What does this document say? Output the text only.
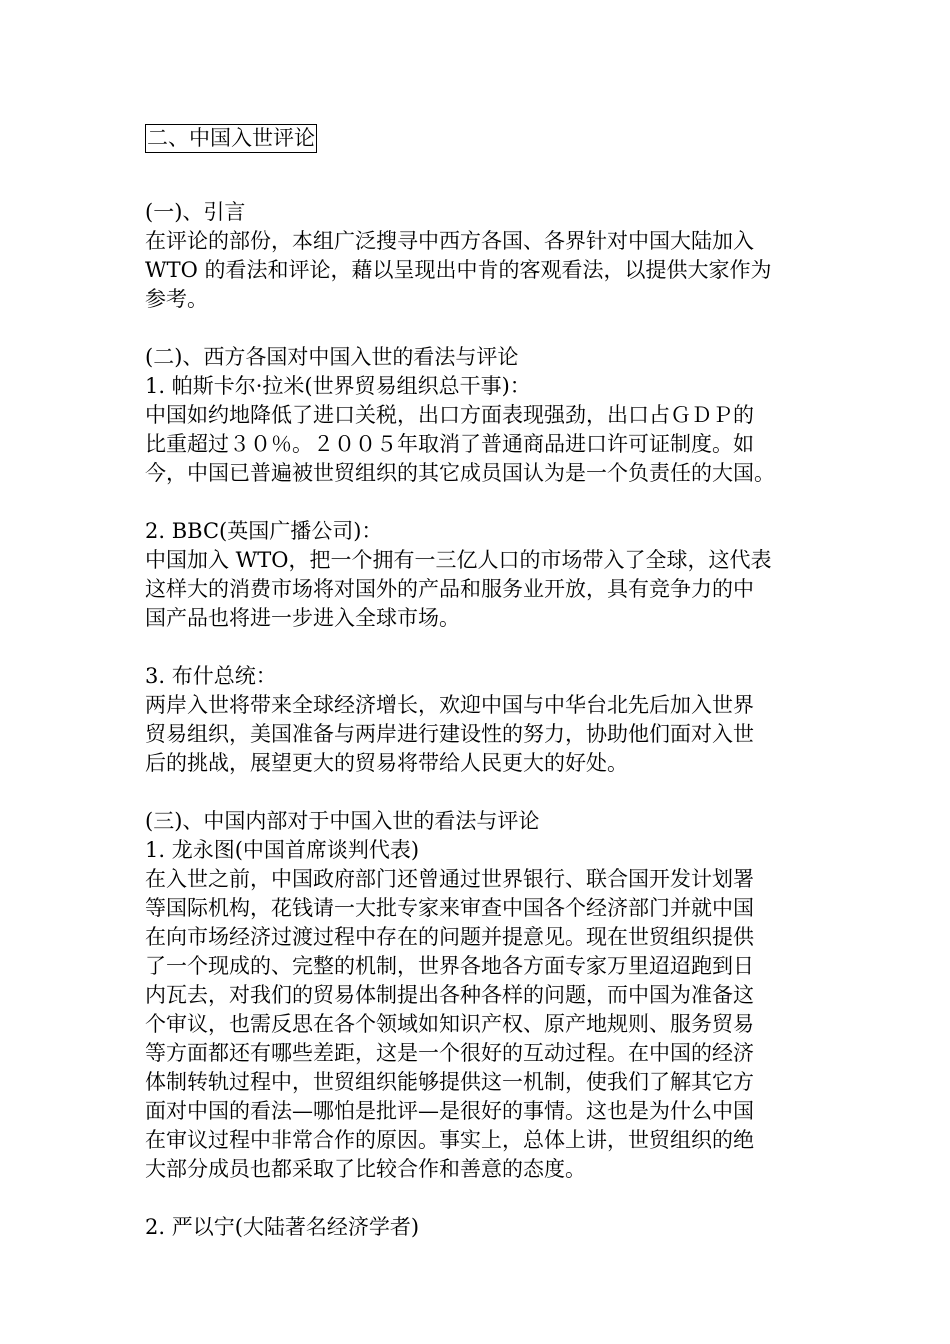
二、中国入世评论
(一)、引言
在评论的部份，本组广泛搜寻中西方各国、各界针对中国大陆加入
WTO 的看法和评论，藉以呈现出中肯的客观看法，以提供大家作为
参考。
(二)、西方各国对中国入世的看法与评论
1. 帕斯卡尔·拉米(世界贸易组织总干事)：
中国如约地降低了进口关税，出口方面表现强劲，出口占ＧＤＰ的
比重超过３０％。２００５年取消了普通商品进口许可证制度。如
今，中国已普遍被世贸组织的其它成员国认为是一个负责任的大国。
2. BBC(英国广播公司)：
中国加入 WTO，把一个拥有一三亿人口的市场带入了全球，这代表
这样大的消费市场将对国外的产品和服务业开放，具有竞争力的中
国产品也将进一步进入全球市场。
3. 布什总统：
两岸入世将带来全球经济增长，欢迎中国与中华台北先后加入世界
贸易组织，美国准备与两岸进行建设性的努力，协助他们面对入世
后的挑战，展望更大的贸易将带给人民更大的好处。
(三)、中国内部对于中国入世的看法与评论
1. 龙永图(中国首席谈判代表)
在入世之前，中国政府部门还曾通过世界银行、联合国开发计划署
等国际机构，花钱请一大批专家来审查中国各个经济部门并就中国
在向市场经济过渡过程中存在的问题并提意见。现在世贸组织提供
了一个现成的、完整的机制，世界各地各方面专家万里迢迢跑到日
内瓦去，对我们的贸易体制提出各种各样的问题，而中国为准备这
个审议，也需反思在各个领域如知识产权、原产地规则、服务贸易
等方面都还有哪些差距，这是一个很好的互动过程。在中国的经济
体制转轨过程中，世贸组织能够提供这一机制，使我们了解其它方
面对中国的看法—哪怕是批评—是很好的事情。这也是为什么中国
在审议过程中非常合作的原因。事实上，总体上讲，世贸组织的绝
大部分成员也都采取了比较合作和善意的态度。
2. 严以宁(大陆著名经济学者)
